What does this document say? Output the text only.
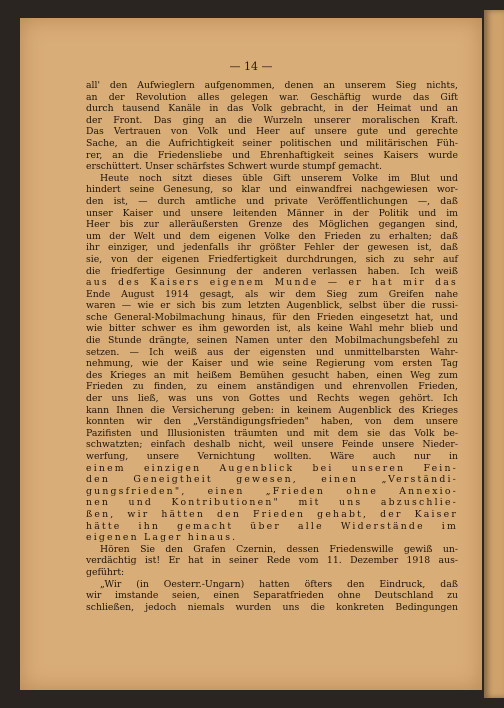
— 14 —
all' den Aufwieglern aufgenommen, denen an unserem Sieg nichts,
an der Revolution alles gelegen war. Geschäftig wurde das Gift
durch tausend Kanäle in das Volk gebracht, in der Heimat und an
der Front. Das ging an die Wurzeln unserer moralischen Kraft.
Das Vertrauen von Volk und Heer auf unsere gute und gerechte
Sache, an die Aufrichtigkeit seiner politischen und militärischen Füh-
rer, an die Friedensliebe und Ehrenhaftigkeit seines Kaisers wurde
erschüttert. Unser schärfstes Schwert wurde stumpf gemacht.
Heute noch sitzt dieses üble Gift unserem Volke im Blut und
hindert seine Genesung, so klar und einwandfrei nachgewiesen wor-
den ist, — durch amtliche und private Veröffentlichungen —, daß
unser Kaiser und unsere leitenden Männer in der Politik und im
Heer bis zur alleräußersten Grenze des Möglichen gegangen sind,
um der Welt und dem eigenen Volke den Frieden zu erhalten; daß
ihr einziger, und jedenfalls ihr größter Fehler der gewesen ist, daß
sie, von der eigenen Friedfertigkeit durchdrungen, sich zu sehr auf
die friedfertige Gesinnung der anderen verlassen haben. Ich weiß
aus des Kaisers eigenem Munde — er hat mir das
Ende August 1914 gesagt, als wir dem Sieg zum Greifen nahe
waren — wie er sich bis zum letzten Augenblick, selbst über die russi-
sche General-Mobilmachung hinaus, für den Frieden eingesetzt hat, und
wie bitter schwer es ihm geworden ist, als keine Wahl mehr blieb und
die Stunde drängte, seinen Namen unter den Mobilmachungsbefehl zu
setzen. — Ich weiß aus der eigensten und unmittelbarsten Wahr-
nehmung, wie der Kaiser und wie seine Regierung vom ersten Tag
des Krieges an mit heißem Bemühen gesucht haben, einen Weg zum
Frieden zu finden, zu einem anständigen und ehrenvollen Frieden,
der uns ließ, was uns von Gottes und Rechts wegen gehört. Ich
kann Ihnen die Versicherung geben: in keinem Augenblick des Krieges
konnten wir den „Verständigungsfrieden" haben, von dem unsere
Pazifisten und Illusionisten träumten und mit dem sie das Volk be-
schwatzten; einfach deshalb nicht, weil unsere Feinde unsere Nieder-
werfung, unsere Vernichtung wollten. Wäre auch nur in
einem einzigen Augenblick bei unseren Fein-
den Geneigtheit gewesen, einen „Verständi-
gungsfrieden", einen „Frieden ohne Annexio-
nen und Kontributionen" mit uns abzuschlie-
ßen, wir hätten den Frieden gehabt, der Kaiser
hätte ihn gemacht über alle Widerstände im
eigenen Lager hinaus.
Hören Sie den Grafen Czernin, dessen Friedenswille gewiß un-
verdächtig ist! Er hat in seiner Rede vom 11. Dezember 1918 aus-
geführt:
„Wir (in Oesterr.-Ungarn) hatten öfters den Eindruck, daß
wir imstande seien, einen Separatfrieden ohne Deutschland zu
schließen, jedoch niemals wurden uns die konkreten Bedingungen
